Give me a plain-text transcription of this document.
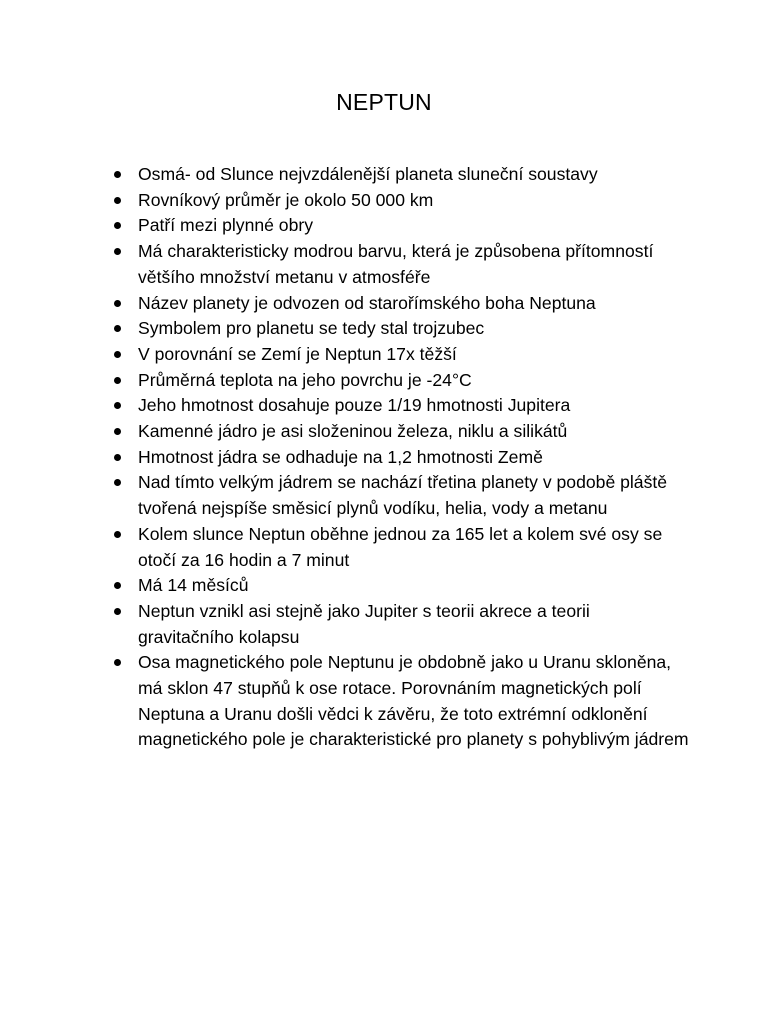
NEPTUN
Osmá- od Slunce nejvzdálenější planeta sluneční soustavy
Rovníkový průměr je okolo 50 000 km
Patří mezi plynné obry
Má charakteristicky modrou barvu, která je způsobena přítomností většího množství metanu v atmosféře
Název planety je odvozen od starořímského boha Neptuna
Symbolem pro planetu se tedy stal trojzubec
V porovnání se Zemí je Neptun 17x těžší
Průměrná teplota na jeho povrchu je -24°C
Jeho hmotnost dosahuje pouze 1/19 hmotnosti Jupitera
Kamenné jádro je asi složeninou železa, niklu a silikátů
Hmotnost jádra se odhaduje na 1,2 hmotnosti Země
Nad tímto velkým jádrem se nachází třetina planety v podobě pláště tvořená nejspíše směsicí plynů vodíku, helia, vody a metanu
Kolem slunce Neptun oběhne jednou za 165 let a kolem své osy se otočí za 16 hodin a 7 minut
Má 14 měsíců
Neptun vznikl asi stejně jako Jupiter s teorii akrece a teorii gravitačního kolapsu
Osa magnetického pole Neptunu je obdobně jako u Uranu skloněna, má sklon 47 stupňů k ose rotace. Porovnáním magnetických polí Neptuna a Uranu došli vědci k závěru, že toto extrémní odklonění magnetického pole je charakteristické pro planety s pohyblivým jádrem
